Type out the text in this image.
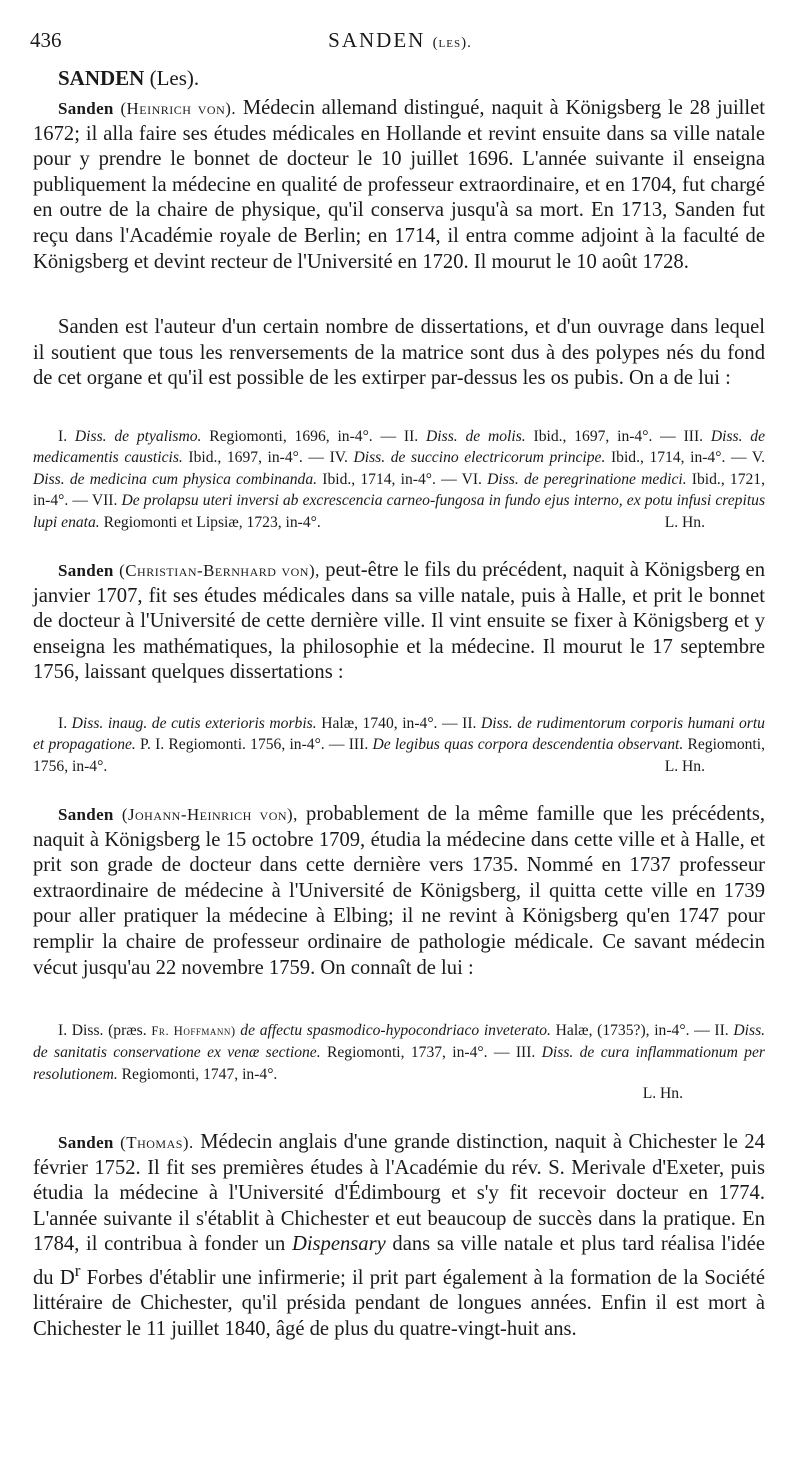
436	SANDEN (les).
SANDEN (Les).

Sanden (Heinrich von). Médecin allemand distingué, naquit à Königsberg le 28 juillet 1672; il alla faire ses études médicales en Hollande et revint ensuite dans sa ville natale pour y prendre le bonnet de docteur le 10 juillet 1696. L'année suivante il enseigna publiquement la médecine en qualité de professeur extraordinaire, et en 1704, fut chargé en outre de la chaire de physique, qu'il conserva jusqu'à sa mort. En 1713, Sanden fut reçu dans l'Académie royale de Berlin; en 1714, il entra comme adjoint à la faculté de Königsberg et devint recteur de l'Université en 1720. Il mourut le 10 août 1728.

Sanden est l'auteur d'un certain nombre de dissertations, et d'un ouvrage dans lequel il soutient que tous les renversements de la matrice sont dus à des polypes nés du fond de cet organe et qu'il est possible de les extirper par-dessus les os pubis. On a de lui :

I. Diss. de ptyalismo. Regiomonti, 1696, in-4°. — II. Diss. de molis. Ibid., 1697, in-4°. — III. Diss. de medicamentis causticis. Ibid., 1697, in-4°. — IV. Diss. de succino electricorum principe. Ibid., 1714, in-4°. — V. Diss. de medicina cum physica combinanda. Ibid., 1714, in-4°. — VI. Diss. de peregrinatione medici. Ibid., 1721, in-4°. — VII. De prolapsu uteri inversi ab excrescencia carneo-fungosa in fundo ejus interno, ex potu infusi crepitus lupi enata. Regiomonti et Lipsiæ, 1723, in-4°.	L. Hn.

Sanden (Christian-Bernhard von), peut-être le fils du précédent, naquit à Königsberg en janvier 1707, fit ses études médicales dans sa ville natale, puis à Halle, et prit le bonnet de docteur à l'Université de cette dernière ville. Il vint ensuite se fixer à Königsberg et y enseigna les mathématiques, la philosophie et la médecine. Il mourut le 17 septembre 1756, laissant quelques dissertations :

I. Diss. inaug. de cutis exterioris morbis. Halæ, 1740, in-4°. — II. Diss. de rudimentorum corporis humani ortu et propagatione. P. I. Regiomonti. 1756, in-4°. — III. De legibus quas corpora descendentia observant. Regiomonti, 1756, in-4°.	L. Hn.

Sanden (Johann-Heinrich von), probablement de la même famille que les précédents, naquit à Königsberg le 15 octobre 1709, étudia la médecine dans cette ville et à Halle, et prit son grade de docteur dans cette dernière vers 1735. Nommé en 1737 professeur extraordinaire de médecine à l'Université de Königsberg, il quitta cette ville en 1739 pour aller pratiquer la médecine à Elbing; il ne revint à Königsberg qu'en 1747 pour remplir la chaire de professeur ordinaire de pathologie médicale. Ce savant médecin vécut jusqu'au 22 novembre 1759. On connaît de lui :

I. Diss. (præs. Fr. Hoffmann) de affectu spasmodico-hypocondriaco inveterato. Halæ, (1735?), in-4°. — II. Diss. de sanitatis conservatione ex venæ sectione. Regiomonti, 1737, in-4°. — III. Diss. de cura inflammationum per resolutionem. Regiomonti, 1747, in-4°.

L. Hn.

Sanden (Thomas). Médecin anglais d'une grande distinction, naquit à Chichester le 24 février 1752. Il fit ses premières études à l'Académie du rév. S. Merivale d'Exeter, puis étudia la médecine à l'Université d'Édimbourg et s'y fit recevoir docteur en 1774. L'année suivante il s'établit à Chichester et eut beaucoup de succès dans la pratique. En 1784, il contribua à fonder un Dispensary dans sa ville natale et plus tard réalisa l'idée du $D^r$ Forbes d'établir une infirmerie; il prit part également à la formation de la Société littéraire de Chichester, qu'il présida pendant de longues années. Enfin il est mort à Chichester le 11 juillet 1840, âgé de plus du quatre-vingt-huit ans.
